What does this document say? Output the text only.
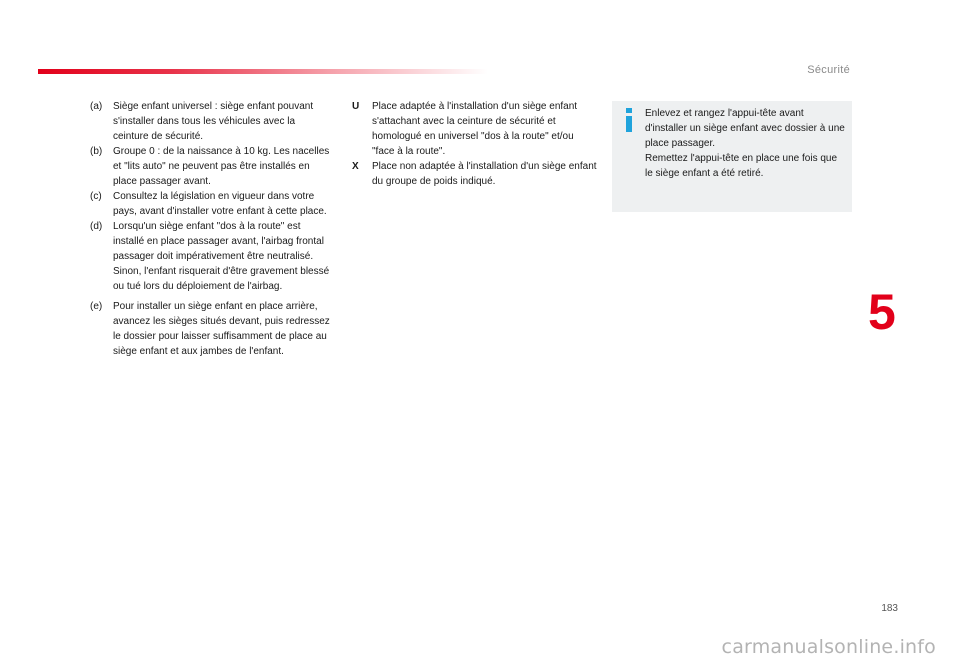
Sécurité
(a)	Siège enfant universel : siège enfant pouvant s'installer dans tous les véhicules avec la ceinture de sécurité.
(b)	Groupe 0 : de la naissance à 10 kg. Les nacelles et "lits auto" ne peuvent pas être installés en place passager avant.
(c)	Consultez la législation en vigueur dans votre pays, avant d'installer votre enfant à cette place.
(d)	Lorsqu'un siège enfant "dos à la route" est installé en place passager avant, l'airbag frontal passager doit impérativement être neutralisé. Sinon, l'enfant risquerait d'être gravement blessé ou tué lors du déploiement de l'airbag.
(e)	Pour installer un siège enfant en place arrière, avancez les sièges situés devant, puis redressez le dossier pour laisser suffisamment de place au siège enfant et aux jambes de l'enfant.
U	Place adaptée à l'installation d'un siège enfant s'attachant avec la ceinture de sécurité et homologué en universel "dos à la route" et/ou "face à la route".
X	Place non adaptée à l'installation d'un siège enfant du groupe de poids indiqué.
Enlevez et rangez l'appui-tête avant d'installer un siège enfant avec dossier à une place passager.
Remettez l'appui-tête en place une fois que le siège enfant a été retiré.
5
183
carmanualsonline.info
